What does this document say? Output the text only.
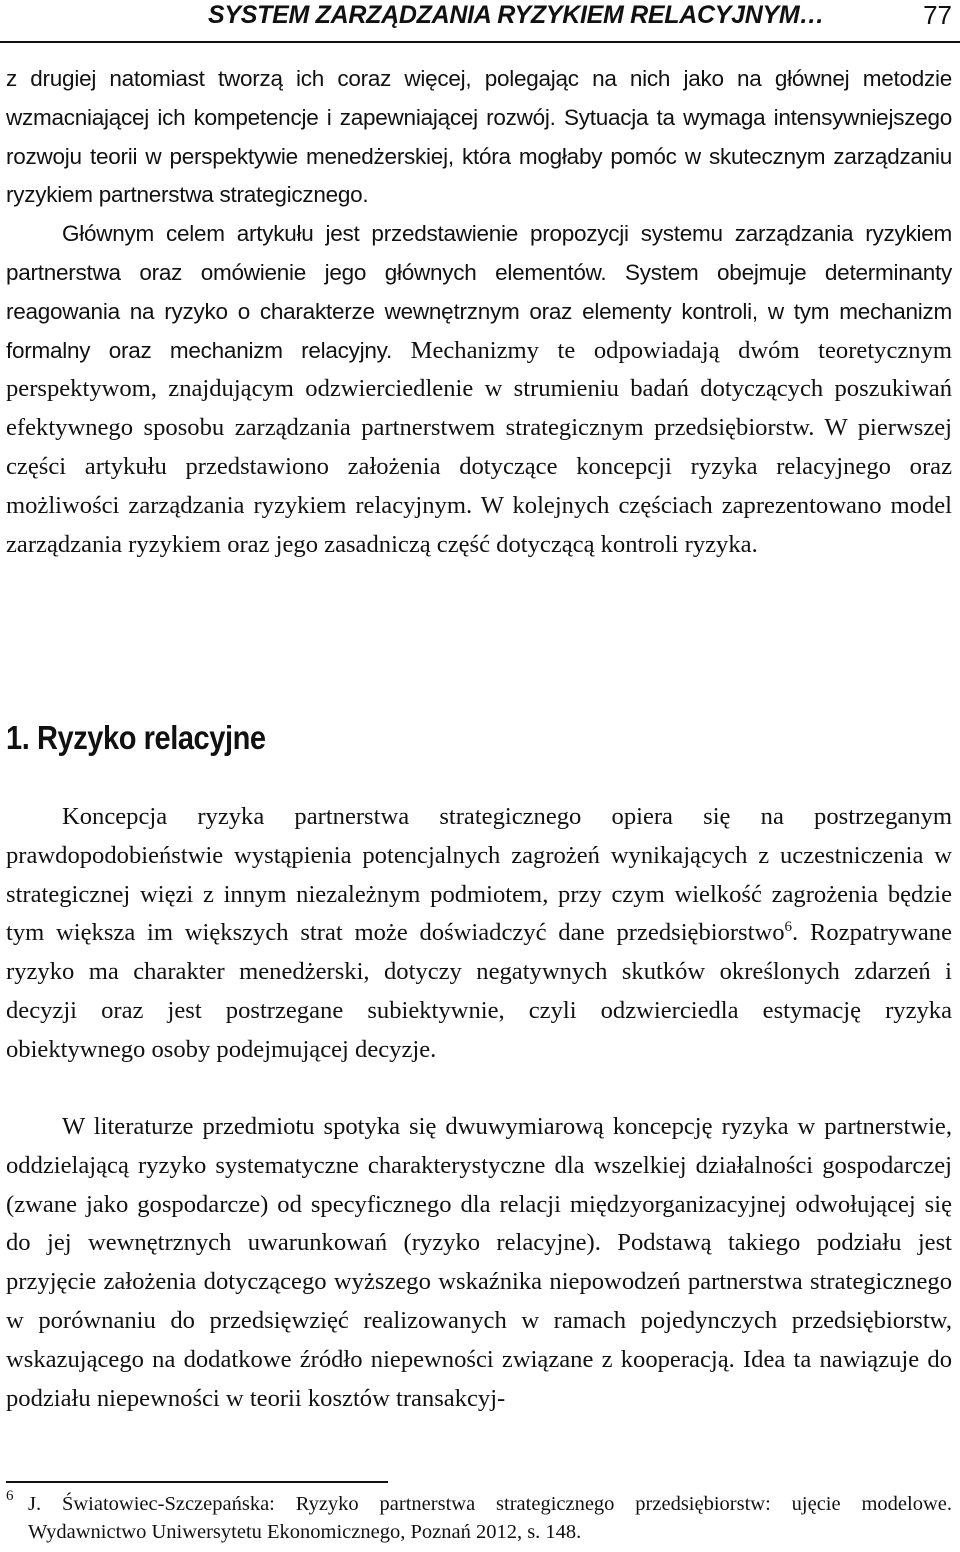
SYSTEM ZARZĄDZANIA RYZYKIEM RELACYJNYM…	77

z drugiej natomiast tworzą ich coraz więcej, polegając na nich jako na głównej metodzie wzmacniającej ich kompetencje i zapewniającej rozwój. Sytuacja ta wymaga intensywniejszego rozwoju teorii w perspektywie menedżerskiej, która mogłaby pomóc w skutecznym zarządzaniu ryzykiem partnerstwa strategicznego.
Głównym celem artykułu jest przedstawienie propozycji systemu zarządzania ryzykiem partnerstwa oraz omówienie jego głównych elementów. System obejmuje determinanty reagowania na ryzyko o charakterze wewnętrznym oraz elementy kontroli, w tym mechanizm formalny oraz mechanizm relacyjny. Mechanizmy te odpowiadają dwóm teoretycznym perspektywom, znajdującym odzwierciedlenie w strumieniu badań dotyczących poszukiwań efektywnego sposobu zarządzania partnerstwem strategicznym przedsiębiorstw. W pierwszej części artykułu przedstawiono założenia dotyczące koncepcji ryzyka relacyjnego oraz możliwości zarządzania ryzykiem relacyjnym. W kolejnych częściach zaprezentowano model zarządzania ryzykiem oraz jego zasadniczą część dotyczącą kontroli ryzyka.

1. Ryzyko relacyjne

Koncepcja ryzyka partnerstwa strategicznego opiera się na postrzeganym prawdopodobieństwie wystąpienia potencjalnych zagrożeń wynikających z uczestniczenia w strategicznej więzi z innym niezależnym podmiotem, przy czym wielkość zagrożenia będzie tym większa im większych strat może doświadczyć dane przedsiębiorstwo$^6$. Rozpatrywane ryzyko ma charakter menedżerski, dotyczy negatywnych skutków określonych zdarzeń i decyzji oraz jest postrzegane subiektywnie, czyli odzwierciedla estymację ryzyka obiektywnego osoby podejmującej decyzje.

W literaturze przedmiotu spotyka się dwuwymiarową koncepcję ryzyka w partnerstwie, oddzielającą ryzyko systematyczne charakterystyczne dla wszelkiej działalności gospodarczej (zwane jako gospodarcze) od specyficznego dla relacji międzyorganizacyjnej odwołującej się do jej wewnętrznych uwarunkowań (ryzyko relacyjne). Podstawą takiego podziału jest przyjęcie założenia dotyczącego wyższego wskaźnika niepowodzeń partnerstwa strategicznego w porównaniu do przedsięwzięć realizowanych w ramach pojedynczych przedsiębiorstw, wskazującego na dodatkowe źródło niepewności związane z kooperacją. Idea ta nawiązuje do podziału niepewności w teorii kosztów transakcyj-

6 J. Światowiec-Szczepańska: Ryzyko partnerstwa strategicznego przedsiębiorstw: ujęcie modelowe. Wydawnictwo Uniwersytetu Ekonomicznego, Poznań 2012, s. 148.
